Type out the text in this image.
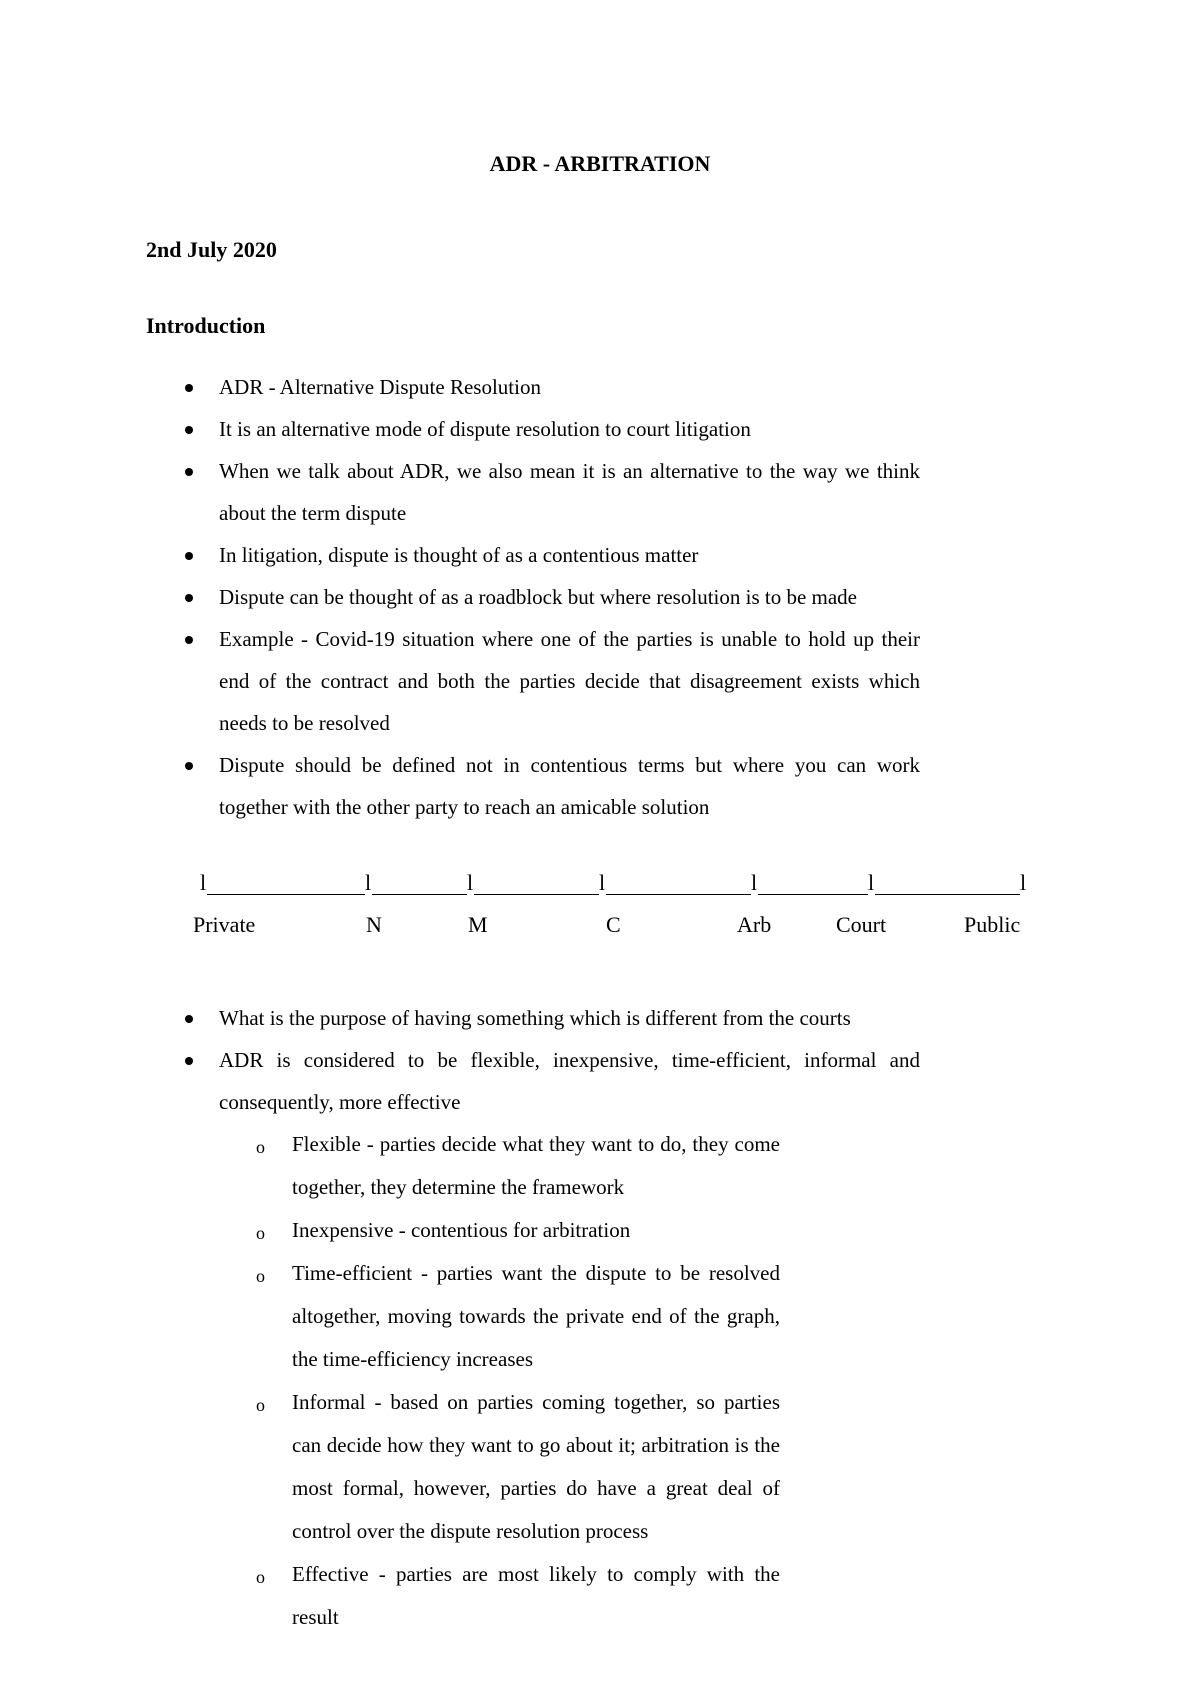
ADR - ARBITRATION
2nd July 2020
Introduction
ADR - Alternative Dispute Resolution
It is an alternative mode of dispute resolution to court litigation
When we talk about ADR, we also mean it is an alternative to the way we think about the term dispute
In litigation, dispute is thought of as a contentious matter
Dispute can be thought of as a roadblock but where resolution is to be made
Example - Covid-19 situation where one of the parties is unable to hold up their end of the contract and both the parties decide that disagreement exists which needs to be resolved
Dispute should be defined not in contentious terms but where you can work together with the other party to reach an amicable solution
l	l	l	l	l	l	l
Private	N	M	C	Arb	Court	Public
What is the purpose of having something which is different from the courts
ADR is considered to be flexible, inexpensive, time-efficient, informal and consequently, more effective
o Flexible - parties decide what they want to do, they come together, they determine the framework
o Inexpensive - contentious for arbitration
o Time-efficient - parties want the dispute to be resolved altogether, moving towards the private end of the graph, the time-efficiency increases
o Informal - based on parties coming together, so parties can decide how they want to go about it; arbitration is the most formal, however, parties do have a great deal of control over the dispute resolution process
o Effective - parties are most likely to comply with the result
